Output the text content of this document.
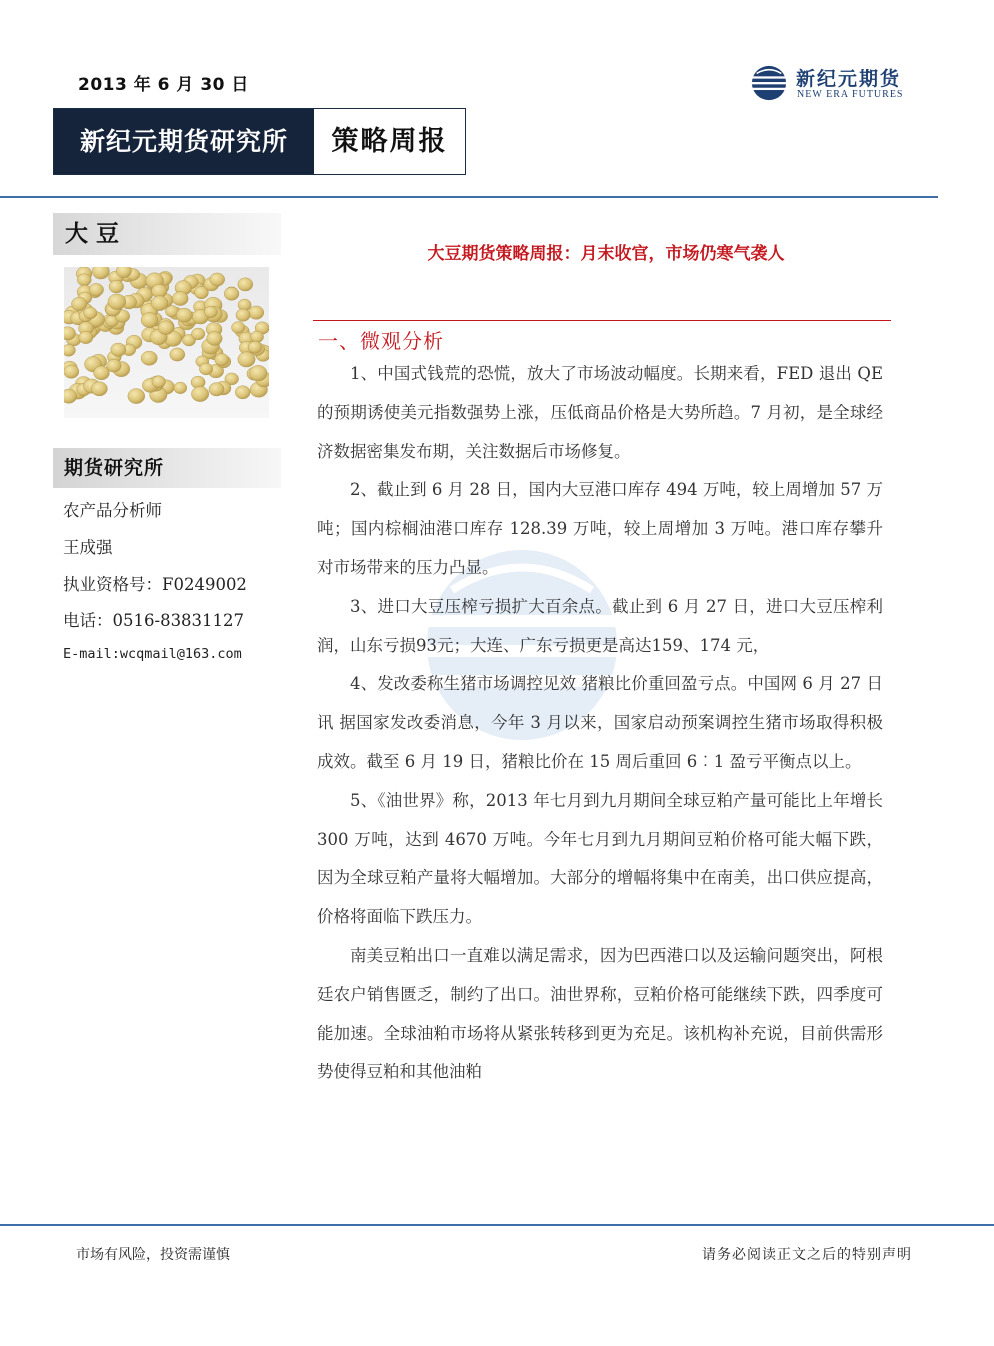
2013 年 6 月 30 日	新纪元期货
NEW ERA FUTURES
新纪元期货研究所	策略周报
大豆
期货研究所
农产品分析师
王成强
执业资格号：F0249002
电话：0516-83831127
E-mail:wcqmail@163.com
大豆期货策略周报：月末收官，市场仍寒气袭人
一、微观分析

1、中国式钱荒的恐慌，放大了市场波动幅度。长期来看，FED 退出 QE 的预期诱使美元指数强势上涨，压低商品价格是大势所趋。7 月初，是全球经济数据密集发布期，关注数据后市场修复。

2、截止到 6 月 28 日，国内大豆港口库存 494 万吨，较上周增加 57 万吨；国内棕榈油港口库存 128.39 万吨，较上周增加 3 万吨。港口库存攀升对市场带来的压力凸显。

3、进口大豆压榨亏损扩大百余点。截止到 6 月 27 日，进口大豆压榨利润，山东亏损93元；大连、广东亏损更是高达159、174 元，

4、发改委称生猪市场调控见效 猪粮比价重回盈亏点。中国网 6 月 27 日讯 据国家发改委消息，今年 3 月以来，国家启动预案调控生猪市场取得积极成效。截至 6 月 19 日，猪粮比价在 15 周后重回 6︰1 盈亏平衡点以上。

5、《油世界》称，2013 年七月到九月期间全球豆粕产量可能比上年增长 300 万吨，达到 4670 万吨。今年七月到九月期间豆粕价格可能大幅下跌，因为全球豆粕产量将大幅增加。大部分的增幅将集中在南美，出口供应提高，价格将面临下跌压力。

南美豆粕出口一直难以满足需求，因为巴西港口以及运输问题突出，阿根廷农户销售匮乏，制约了出口。油世界称，豆粕价格可能继续下跌，四季度可能加速。全球油粕市场将从紧张转移到更为充足。该机构补充说，目前供需形势使得豆粕和其他油粕

市场有风险，投资需谨慎	请务必阅读正文之后的特别声明
